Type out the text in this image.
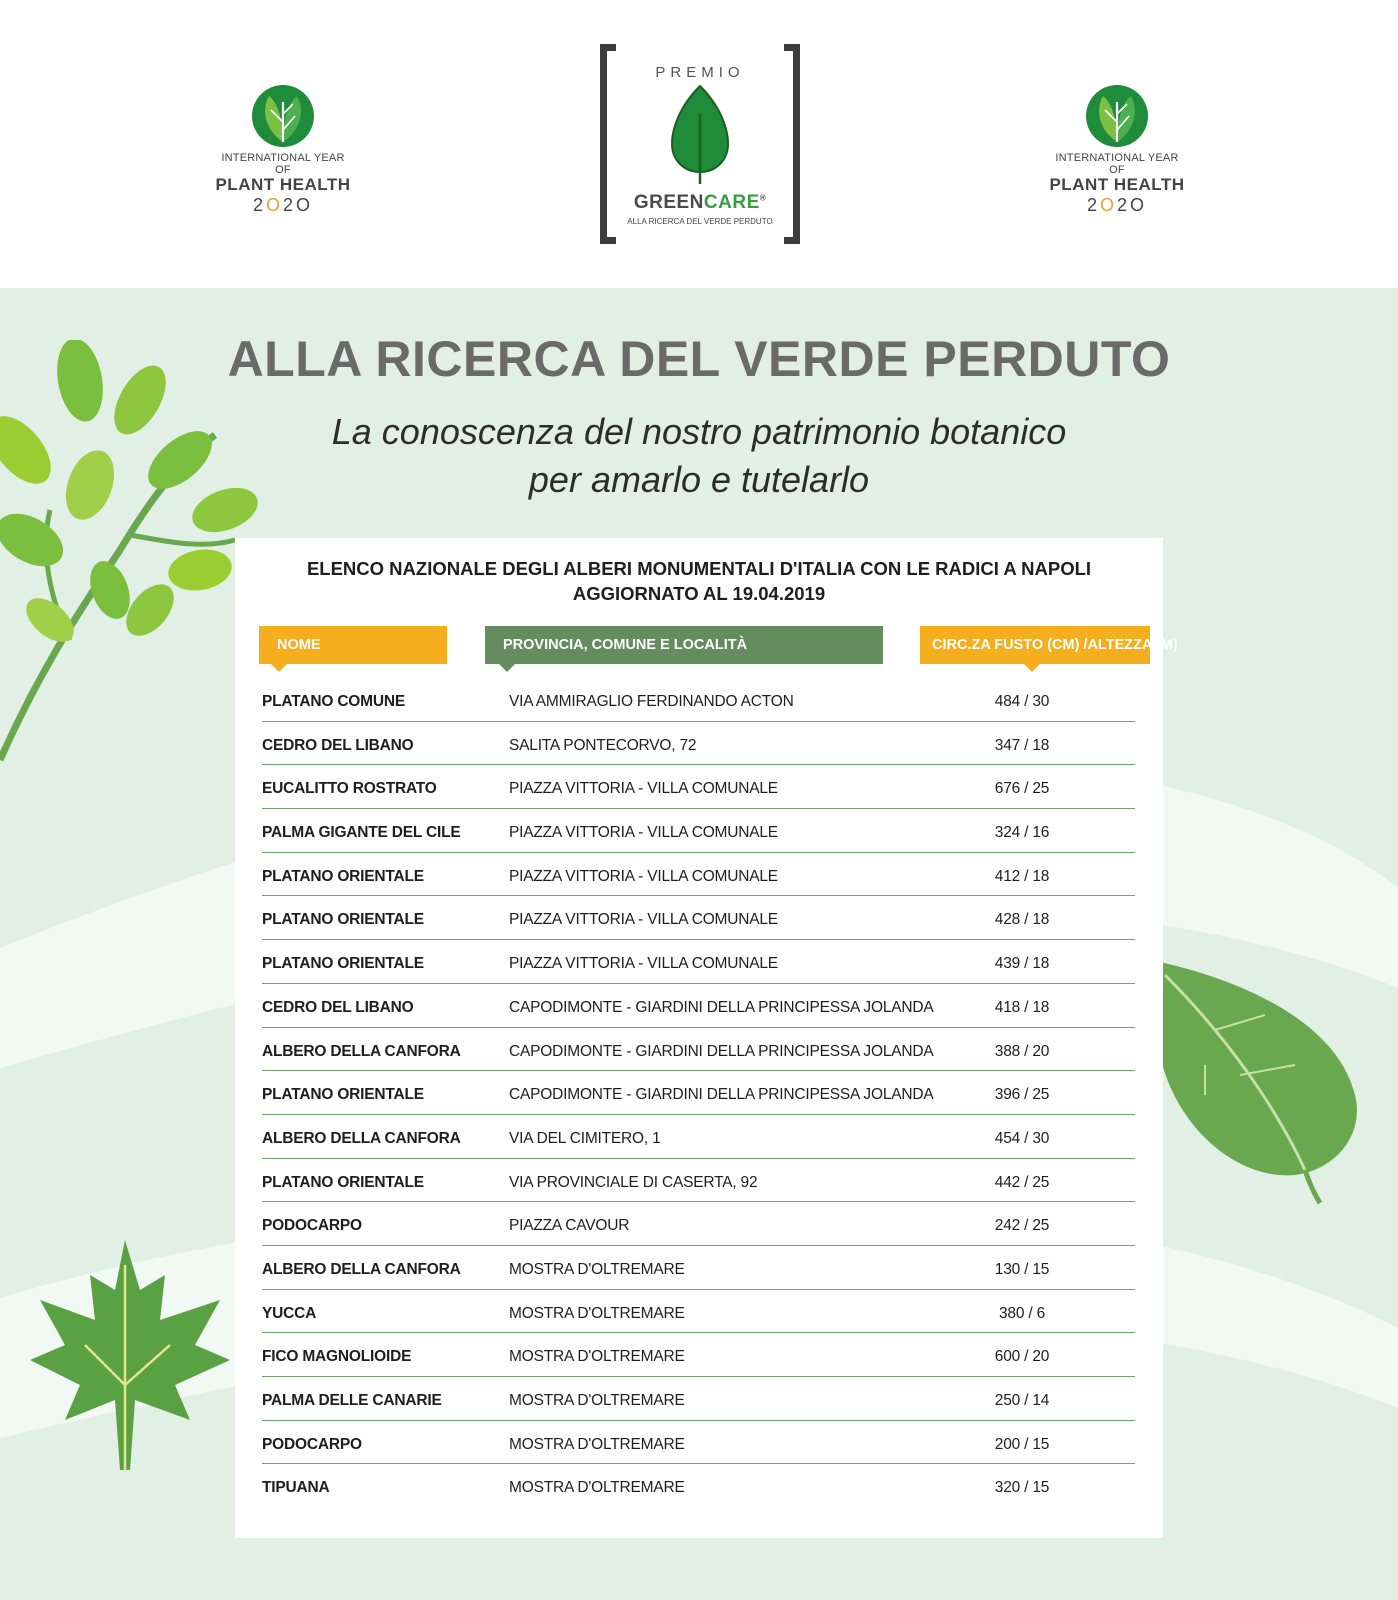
INTERNATIONAL YEAR OF
PLANT HEALTH
2O2O
PREMIO
GREENCARE®
ALLA RICERCA DEL VERDE PERDUTO
INTERNATIONAL YEAR OF
PLANT HEALTH
2O2O
ALLA RICERCA DEL VERDE PERDUTO
La conoscenza del nostro patrimonio botanico
per amarlo e tutelarlo
ELENCO NAZIONALE DEGLI ALBERI MONUMENTALI D'ITALIA CON LE RADICI A NAPOLI
AGGIORNATO AL 19.04.2019
NOME	PROVINCIA, COMUNE E LOCALITÀ	CIRC.ZA FUSTO (CM) /ALTEZZA (M)
PLATANO COMUNE	VIA AMMIRAGLIO FERDINANDO ACTON	484 / 30
CEDRO DEL LIBANO	SALITA PONTECORVO, 72	347 / 18
EUCALITTO ROSTRATO	PIAZZA VITTORIA - VILLA COMUNALE	676 / 25
PALMA GIGANTE DEL CILE	PIAZZA VITTORIA - VILLA COMUNALE	324 / 16
PLATANO ORIENTALE	PIAZZA VITTORIA - VILLA COMUNALE	412 / 18
PLATANO ORIENTALE	PIAZZA VITTORIA - VILLA COMUNALE	428 / 18
PLATANO ORIENTALE	PIAZZA VITTORIA - VILLA COMUNALE	439 / 18
CEDRO DEL LIBANO	CAPODIMONTE - GIARDINI DELLA PRINCIPESSA JOLANDA	418 / 18
ALBERO DELLA CANFORA	CAPODIMONTE - GIARDINI DELLA PRINCIPESSA JOLANDA	388 / 20
PLATANO ORIENTALE	CAPODIMONTE - GIARDINI DELLA PRINCIPESSA JOLANDA	396 / 25
ALBERO DELLA CANFORA	VIA DEL CIMITERO, 1	454 / 30
PLATANO ORIENTALE	VIA PROVINCIALE DI CASERTA, 92	442 / 25
PODOCARPO	PIAZZA CAVOUR	242 / 25
ALBERO DELLA CANFORA	MOSTRA D'OLTREMARE	130 / 15
YUCCA	MOSTRA D'OLTREMARE	380 / 6
FICO MAGNOLIOIDE	MOSTRA D'OLTREMARE	600 / 20
PALMA DELLE CANARIE	MOSTRA D'OLTREMARE	250 / 14
PODOCARPO	MOSTRA D'OLTREMARE	200 / 15
TIPUANA	MOSTRA D'OLTREMARE	320 / 15
